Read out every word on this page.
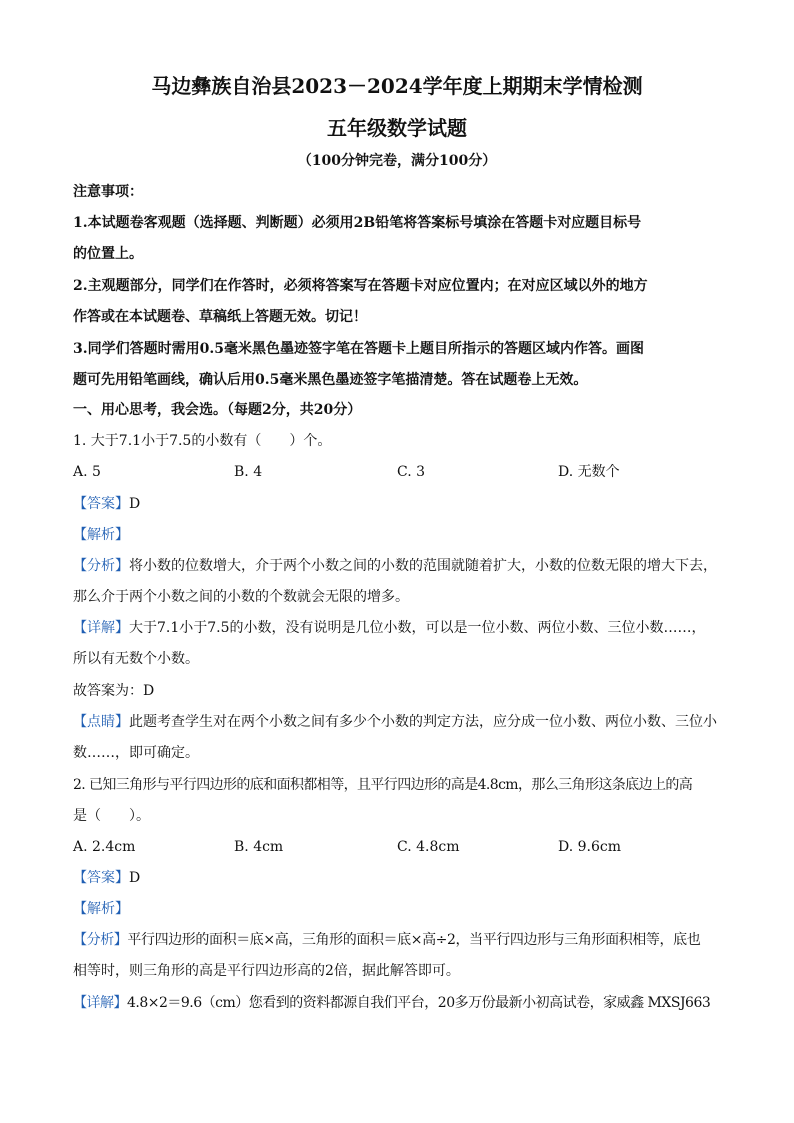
马边彝族自治县2023－2024学年度上期期末学情检测
五年级数学试题
（100分钟完卷，满分100分）
注意事项：
1.本试题卷客观题（选择题、判断题）必须用2B铅笔将答案标号填涂在答题卡对应题目标号
的位置上。
2.主观题部分，同学们在作答时，必须将答案写在答题卡对应位置内；在对应区域以外的地方
作答或在本试题卷、草稿纸上答题无效。切记！
3.同学们答题时需用0.5毫米黑色墨迹签字笔在答题卡上题目所指示的答题区域内作答。画图
题可先用铅笔画线，确认后用0.5毫米黑色墨迹签字笔描清楚。答在试题卷上无效。
一、用心思考，我会选。（每题2分，共20分）
1. 大于7.1小于7.5的小数有（　　）个。
A. 5	B. 4	C. 3	D. 无数个
【答案】D
【解析】
【分析】将小数的位数增大，介于两个小数之间的小数的范围就随着扩大，小数的位数无限的增大下去，
那么介于两个小数之间的小数的个数就会无限的增多。
【详解】大于7.1小于7.5的小数，没有说明是几位小数，可以是一位小数、两位小数、三位小数……，
所以有无数个小数。
故答案为：D
【点睛】此题考查学生对在两个小数之间有多少个小数的判定方法，应分成一位小数、两位小数、三位小
数……，即可确定。
2. 已知三角形与平行四边形的底和面积都相等，且平行四边形的高是4.8cm，那么三角形这条底边上的高
是（　　）。
A. 2.4cm	B. 4cm	C. 4.8cm	D. 9.6cm
【答案】D
【解析】
【分析】平行四边形的面积＝底×高，三角形的面积＝底×高÷2，当平行四边形与三角形面积相等，底也
相等时，则三角形的高是平行四边形高的2倍，据此解答即可。
【详解】4.8×2＝9.6（cm）您看到的资料都源自我们平台，20多万份最新小初高试卷，家威鑫 MXSJ663
